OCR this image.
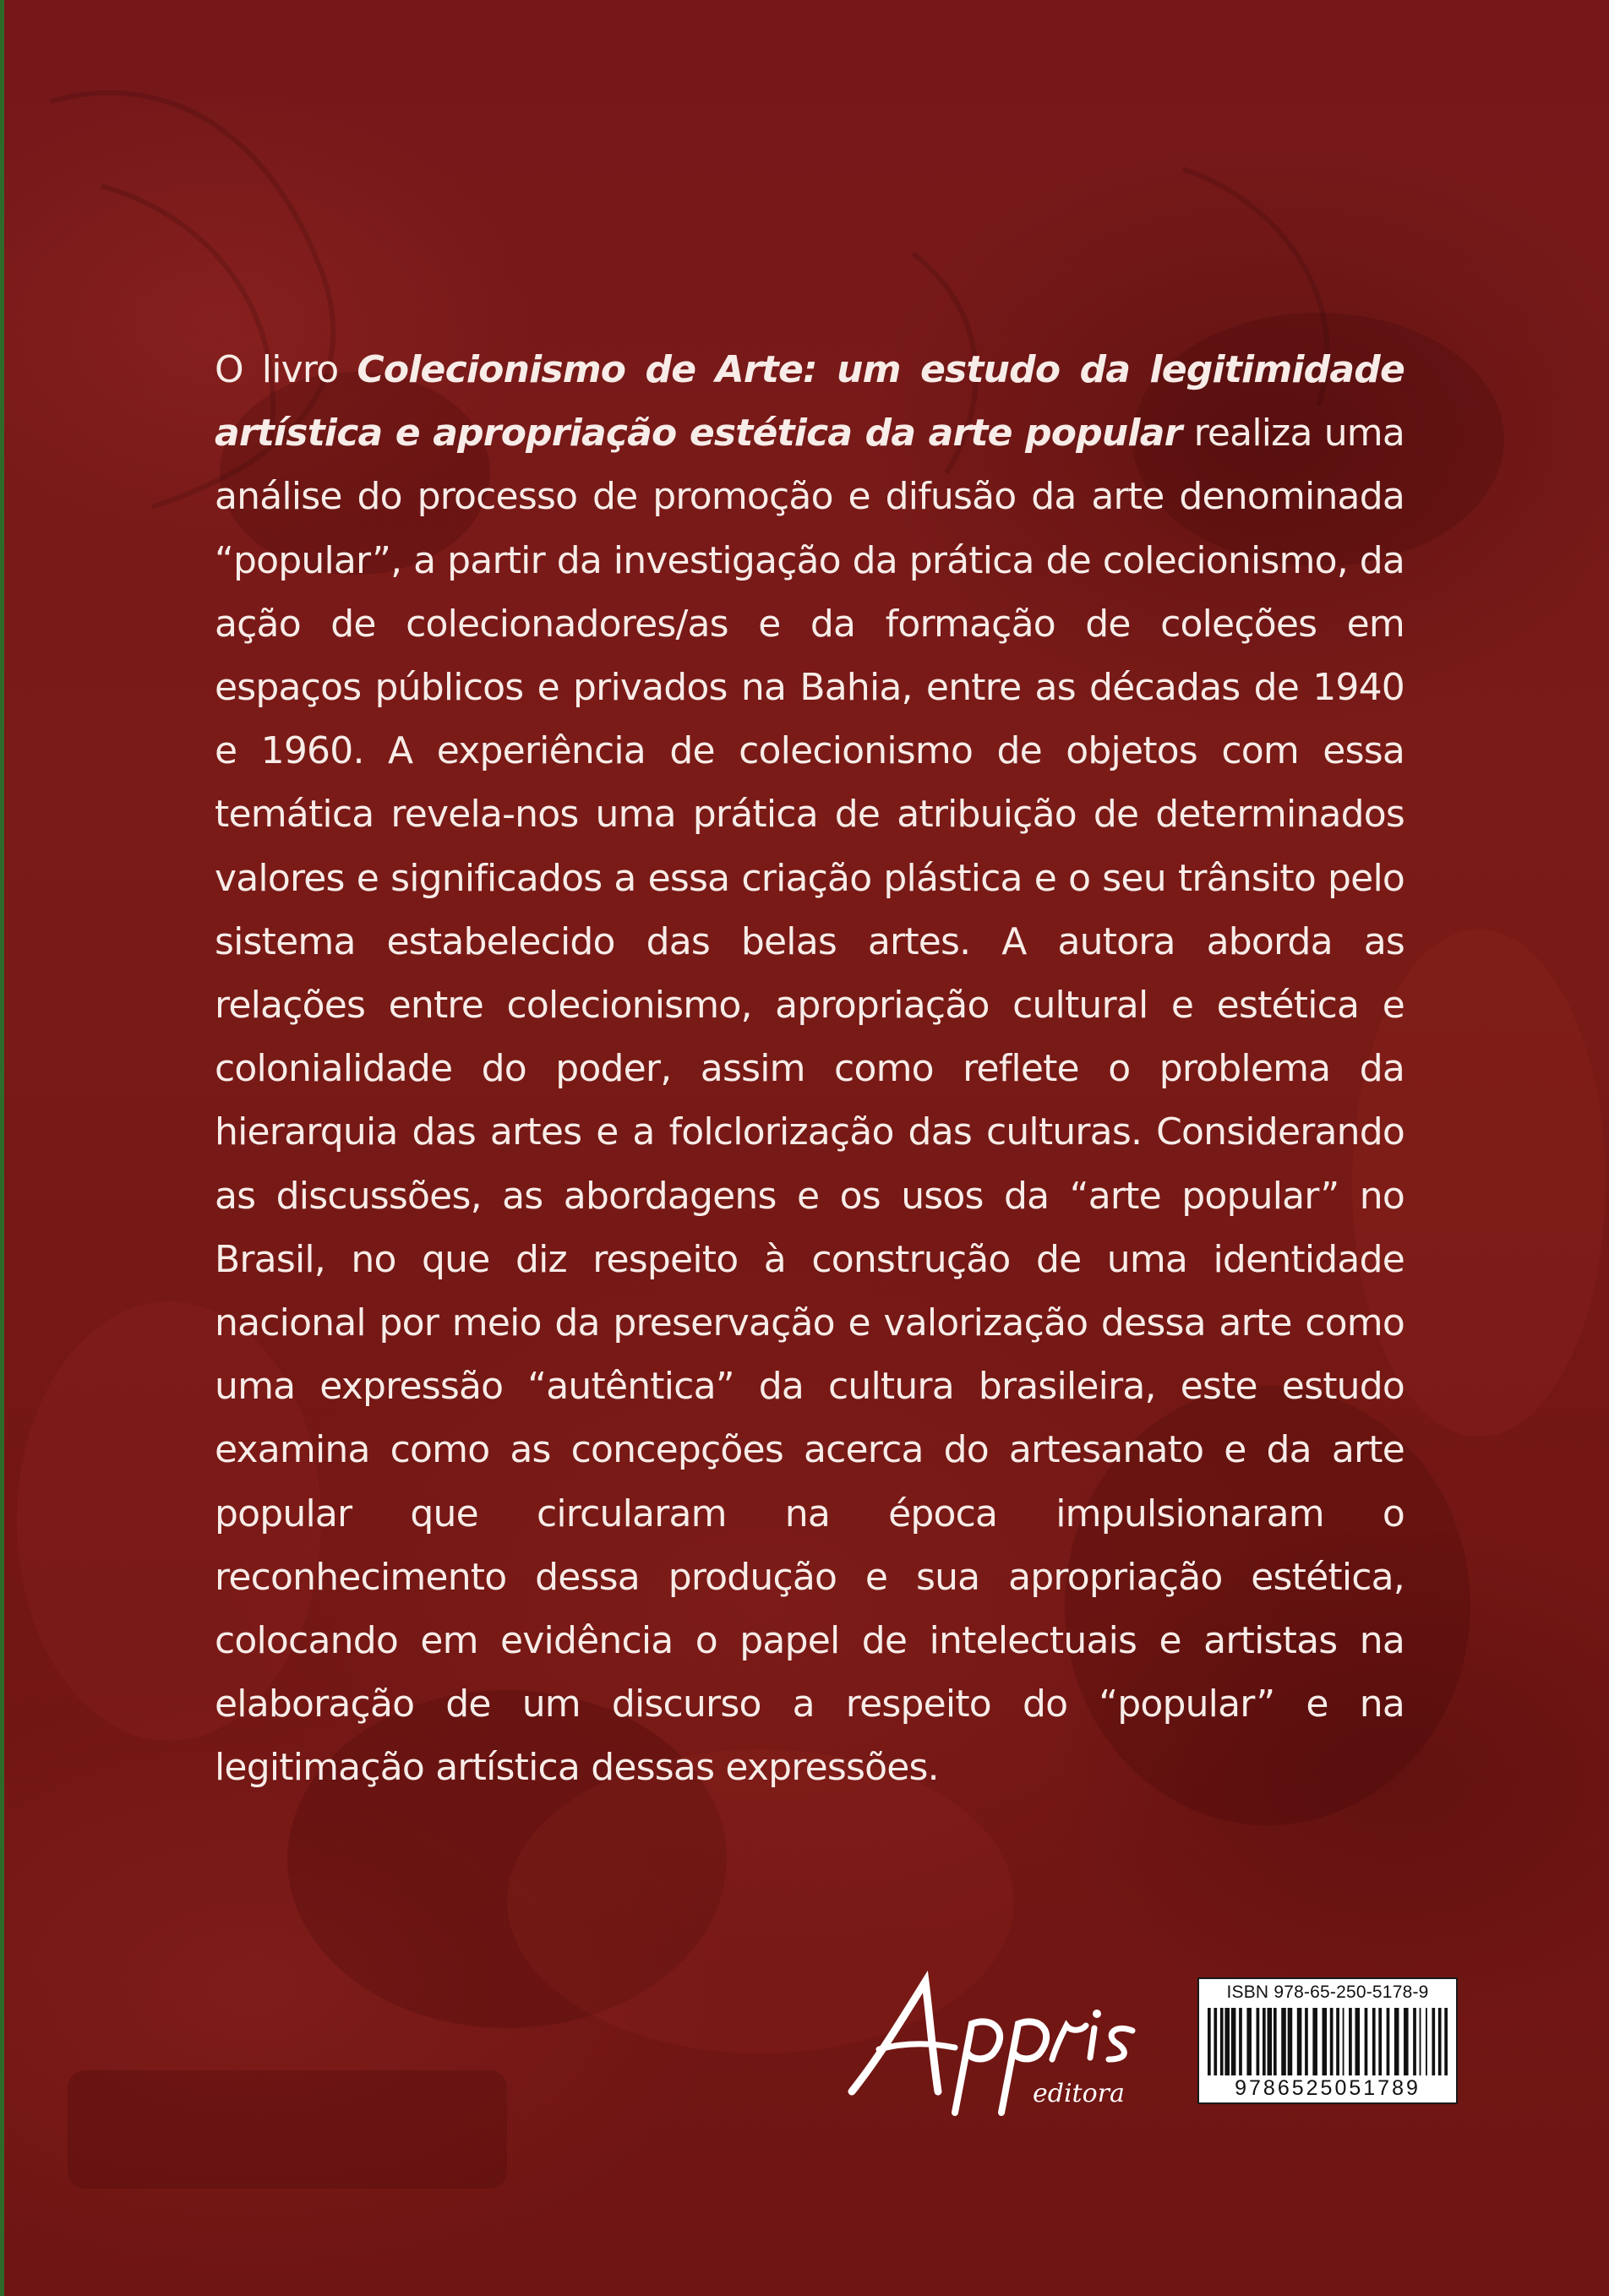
O livro Colecionismo de Arte: um estudo da legitimidade artística e apropriação estética da arte popular realiza uma análise do processo de promoção e difusão da arte denominada “popular”, a partir da investigação da prática de colecionismo, da ação de colecionadores/as e da formação de coleções em espaços públicos e privados na Bahia, entre as décadas de 1940 e 1960. A experiência de colecionismo de objetos com essa temática revela-nos uma prática de atribuição de determinados valores e significados a essa criação plástica e o seu trânsito pelo sistema estabelecido das belas artes. A autora aborda as relações entre colecionismo, apropriação cultural e estética e colonialidade do poder, assim como reflete o problema da hierarquia das artes e a folclorização das culturas. Considerando as discussões, as abordagens e os usos da “arte popular” no Brasil, no que diz respeito à construção de uma identidade nacional por meio da preservação e valorização dessa arte como uma expressão “autêntica” da cultura brasileira, este estudo examina como as concepções acerca do artesanato e da arte popular que circularam na época impulsionaram o reconhecimento dessa produção e sua apropriação estética, colocando em evidência o papel de intelectuais e artistas na elaboração de um discurso a respeito do “popular” e na legitimação artística dessas expressões.

Appris
editora
ISBN 978-65-250-5178-9
9786525051789
